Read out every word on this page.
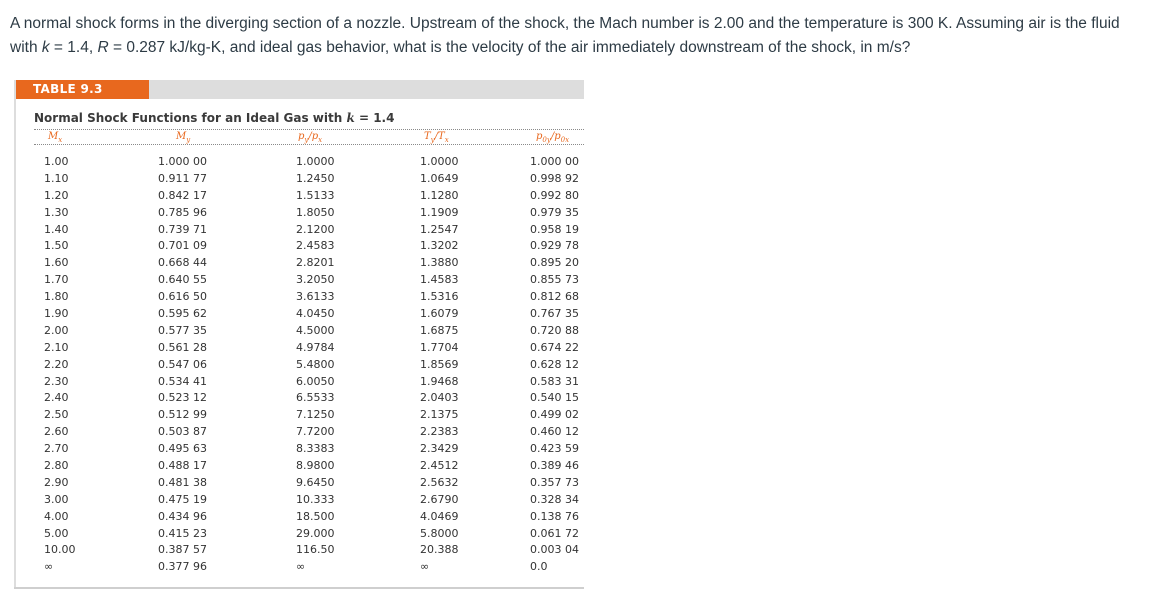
A normal shock forms in the diverging section of a nozzle. Upstream of the shock, the Mach number is 2.00 and the temperature is 300 K. Assuming air is the fluid
with k = 1.4, R = 0.287 kJ/kg-K, and ideal gas behavior, what is the velocity of the air immediately downstream of the shock, in m/s?
TABLE 9.3
Normal Shock Functions for an Ideal Gas with k = 1.4
$M_x$	$M_y$	$p_y/p_x$	$T_y/T_x$	$p_{0y}/p_{0x}$
1.00	1.000 00	1.0000	1.0000	1.000 00
1.10	0.911 77	1.2450	1.0649	0.998 92
1.20	0.842 17	1.5133	1.1280	0.992 80
1.30	0.785 96	1.8050	1.1909	0.979 35
1.40	0.739 71	2.1200	1.2547	0.958 19
1.50	0.701 09	2.4583	1.3202	0.929 78
1.60	0.668 44	2.8201	1.3880	0.895 20
1.70	0.640 55	3.2050	1.4583	0.855 73
1.80	0.616 50	3.6133	1.5316	0.812 68
1.90	0.595 62	4.0450	1.6079	0.767 35
2.00	0.577 35	4.5000	1.6875	0.720 88
2.10	0.561 28	4.9784	1.7704	0.674 22
2.20	0.547 06	5.4800	1.8569	0.628 12
2.30	0.534 41	6.0050	1.9468	0.583 31
2.40	0.523 12	6.5533	2.0403	0.540 15
2.50	0.512 99	7.1250	2.1375	0.499 02
2.60	0.503 87	7.7200	2.2383	0.460 12
2.70	0.495 63	8.3383	2.3429	0.423 59
2.80	0.488 17	8.9800	2.4512	0.389 46
2.90	0.481 38	9.6450	2.5632	0.357 73
3.00	0.475 19	10.333	2.6790	0.328 34
4.00	0.434 96	18.500	4.0469	0.138 76
5.00	0.415 23	29.000	5.8000	0.061 72
10.00	0.387 57	116.50	20.388	0.003 04
∞	0.377 96	∞	∞	0.0
